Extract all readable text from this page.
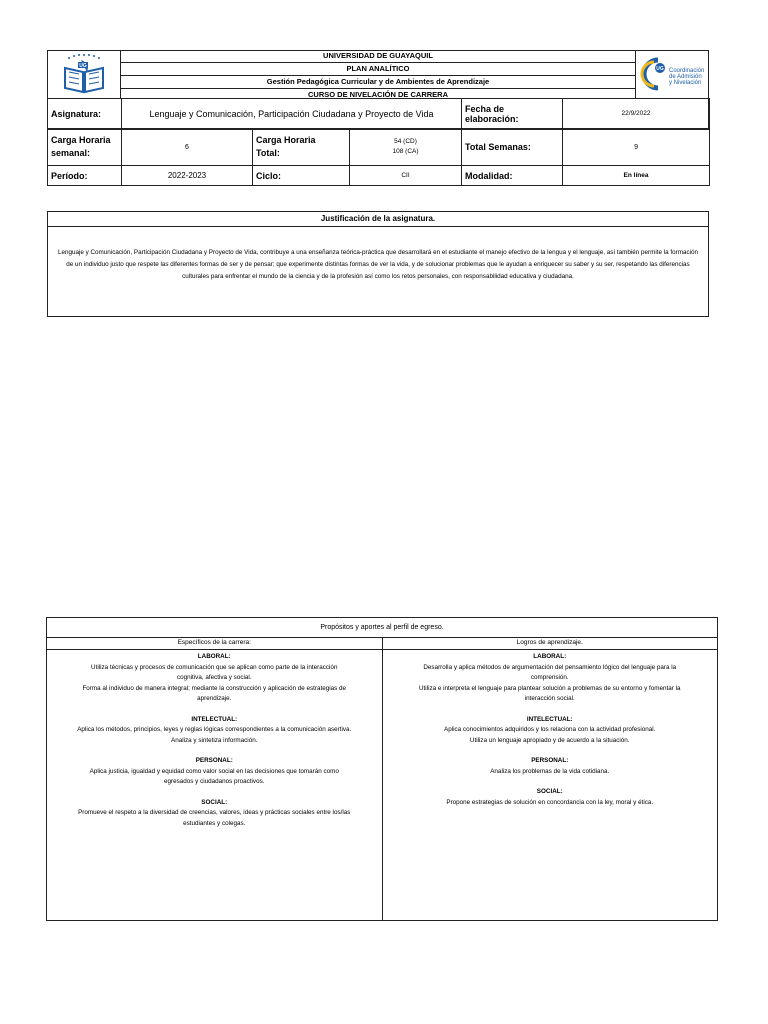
UG
UNIVERSIDAD DE GUAYAQUIL
PLAN ANALÍTICO
Gestión Pedagógica Curricular y de Ambientes de Aprendizaje
CURSO DE NIVELACIÓN DE CARRERA
UG Coordinación
de Admisión
y Nivelación
Asignatura:	Lenguaje y Comunicación, Participación Ciudadana y Proyecto de Vida			Fecha de elaboración:	22/9/2022
Carga Horaria
semanal:	6	Carga Horaria
Total:	54 (CD)
108 (CA)	Total Semanas:	9
Período:	2022-2023	Ciclo:	CII	Modalidad:	En línea
Justificación de la asignatura.
Lenguaje y Comunicación, Participación Ciudadana y Proyecto de Vida, contribuye a una enseñanza teórica-práctica que desarrollará en el estudiante el manejo efectivo de la lengua y el lenguaje, así también permite la formación de un individuo justo que respete las diferentes formas de ser y de pensar; que experimente distintas formas de ver la vida, y de solucionar problemas que le ayudan a enriquecer su saber y su ser, respetando las diferencias culturales para enfrentar el mundo de la ciencia y de la profesión así como los retos personales, con responsabilidad educativa y ciudadana.
Propósitos y aportes al perfil de egreso.
Específicos de la carrera:
LABORAL:
Utiliza técnicas y procesos de comunicación que se aplican como parte de la interacción cognitiva, afectiva y social.
Forma al individuo de manera integral; mediante la construcción y aplicación de estrategias de aprendizaje.
INTELECTUAL:
Aplica los métodos, principios, leyes y reglas lógicas correspondientes a la comunicación asertiva.
Analiza y sintetiza información.
PERSONAL:
Aplica justicia, igualdad y equidad como valor social en las decisiones que tomarán como egresados y ciudadanos proactivos.
SOCIAL:
Promueve el respeto a la diversidad de creencias, valores, ideas y prácticas sociales entre los/las estudiantes y colegas.
Logros de aprendizaje.
LABORAL:
Desarrolla y aplica métodos de argumentación del pensamiento lógico del lenguaje para la comprensión.
Utiliza e interpreta el lenguaje para plantear solución a problemas de su entorno y fomentar la interacción social.
INTELECTUAL:
Aplica conocimientos adquiridos y los relaciona con la actividad profesional.
Utiliza un lenguaje apropiado y de acuerdo a la situación.
PERSONAL:
Analiza los problemas de la vida cotidiana.
SOCIAL:
Propone estrategias de solución en concordancia con la ley, moral y ética.
